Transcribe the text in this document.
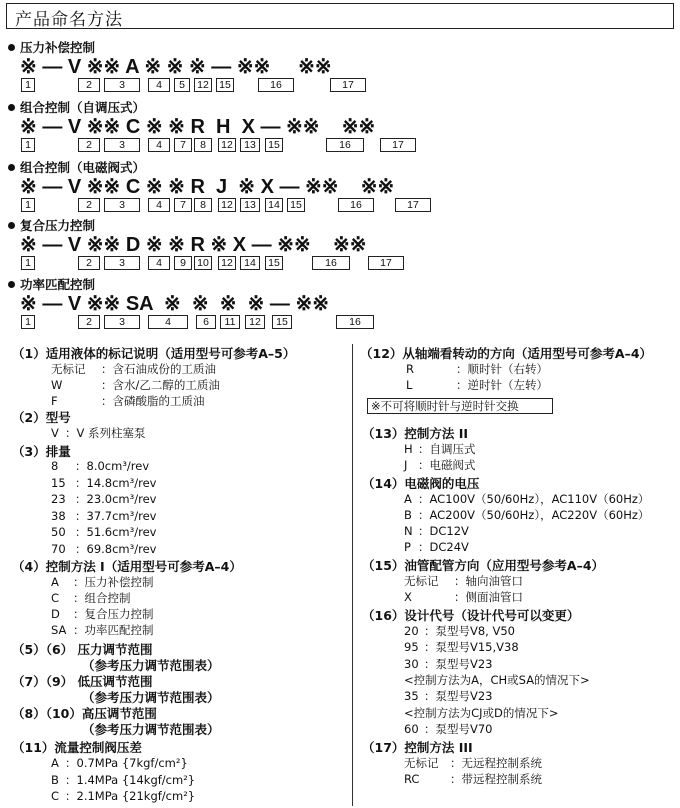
产品命名方法
压力补偿控制
※ — V ※※ A ※ ※ ※ — ※※     ※※
1	2	3	4	5	12 15	16	17
组合控制（自调压式）
※ — V ※※ C ※ ※ R  H  X — ※※    ※※
1	2	3	4	7	8	12	13	15	16	17
组合控制（电磁阀式）
※ — V ※※ C ※ ※ R  J  ※ X — ※※    ※※
1	2	3	4	7	8	12	13	14 15	16	17
复合压力控制
※ — V ※※ D ※ ※ R ※ X — ※※    ※※
1	2	3	4	9	10	12	14	15	16	17
功率匹配控制
※ — V ※※ SA  ※  ※  ※  ※ — ※※
1	2	3	4	6	11	12	15	16
※不可将顺时针与逆时针交换
（1）适用液体的标记说明（适用型号可参考A–5）
无标记 ：含石油成份的工质油
W	：含水/乙二醇的工质油
F	：含磷酸脂的工质油
（2）型号
V ：V 系列柱塞泵
（3）排量
8 ：8.0cm³/rev
15 ：14.8cm³/rev
23 ：23.0cm³/rev
38 ：37.7cm³/rev
50 ：51.6cm³/rev
70 ：69.8cm³/rev
（4）控制方法 I（适用型号可参考A–4）
A ：压力补偿控制
C ：组合控制
D ：复合压力控制
SA ：功率匹配控制
（5）（6） 压力调节范围
（参考压力调节范围表）
（7）（9） 低压调节范围
（参考压力调节范围表）
（8）（10）高压调节范围
（参考压力调节范围表）
（11）流量控制阀压差
A ：0.7MPa {7kgf/cm²}
B ：1.4MPa {14kgf/cm²}
C ：2.1MPa {21kgf/cm²}
（12）从轴端看转动的方向（适用型号可参考A–4）
R	：顺时针（右转）
L	：逆时针（左转）
（13）控制方法 II
H ：自调压式
J ：电磁阀式
（14）电磁阀的电压
A ：AC100V（50/60Hz），AC110V（60Hz）
B ：AC200V（50/60Hz），AC220V（60Hz）
N ：DC12V
P ：DC24V
（15）油管配管方向（应用型号参考A–4）
无标记 ：轴向油管口
X	：侧面油管口
（16）设计代号（设计代号可以变更）
20 ：泵型号V8, V50
95 ：泵型号V15,V38
30 ：泵型号V23
<控制方法为A，CH或SA的情况下>
35 ：泵型号V23
<控制方法为CJ或D的情况下>
60 ：泵型号V70
（17）控制方法 III
无标记 ：无远程控制系统
RC	：带远程控制系统
